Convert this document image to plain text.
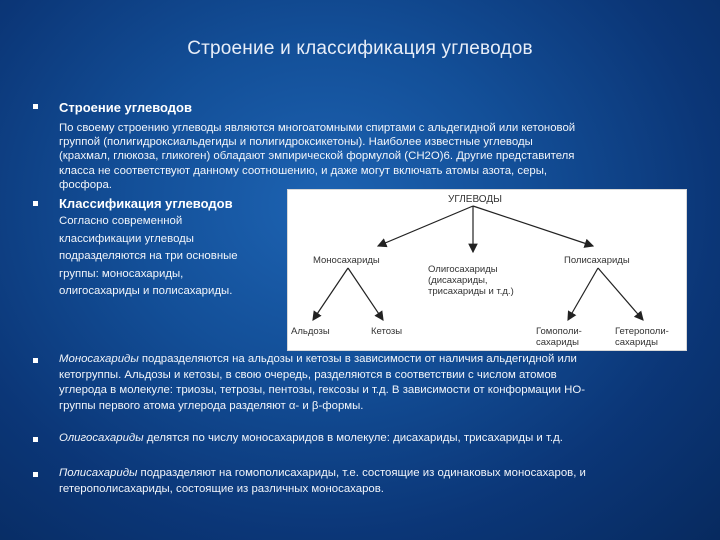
Строение и классификация углеводов
Строение углеводов
По своему строению углеводы являются многоатомными спиртами с альдегидной или кетоновой
группой (полигидроксиальдегиды и полигидроксикетоны). Наиболее известные углеводы
(крахмал, глюкоза, гликоген) обладают эмпирической формулой (CH2O)6. Другие представителя
класса не соответствуют данному соотношению, и даже могут включать атомы азота, серы,
фосфора.
Классификация углеводов
Согласно современной
классификации углеводы
подразделяются на три основные
группы: моносахариды,
олигосахариды и полисахариды.
УГЛЕВОДЫ
Моносахариды
Олигосахариды
(дисахариды,
трисахариды и т.д.)
Полисахариды
Альдозы	Кетозы	Гомополи-
сахариды
Гетерополи-
сахариды
Моносахариды подразделяются на альдозы и кетозы в зависимости от наличия альдегидной или
кетогруппы. Альдозы и кетозы, в свою очередь, разделяются в соответствии с числом атомов
углерода в молекуле: триозы, тетрозы, пентозы, гексозы и т.д. В зависимости от конформации НО-
группы первого атома углерода разделяют α- и β-формы.
Олигосахариды делятся по числу моносахаридов в молекуле: дисахариды, трисахариды и т.д.
Полисахариды подразделяют на гомополисахариды, т.е. состоящие из одинаковых моносахаров, и
гетерополисахариды, состоящие из различных моносахаров.
